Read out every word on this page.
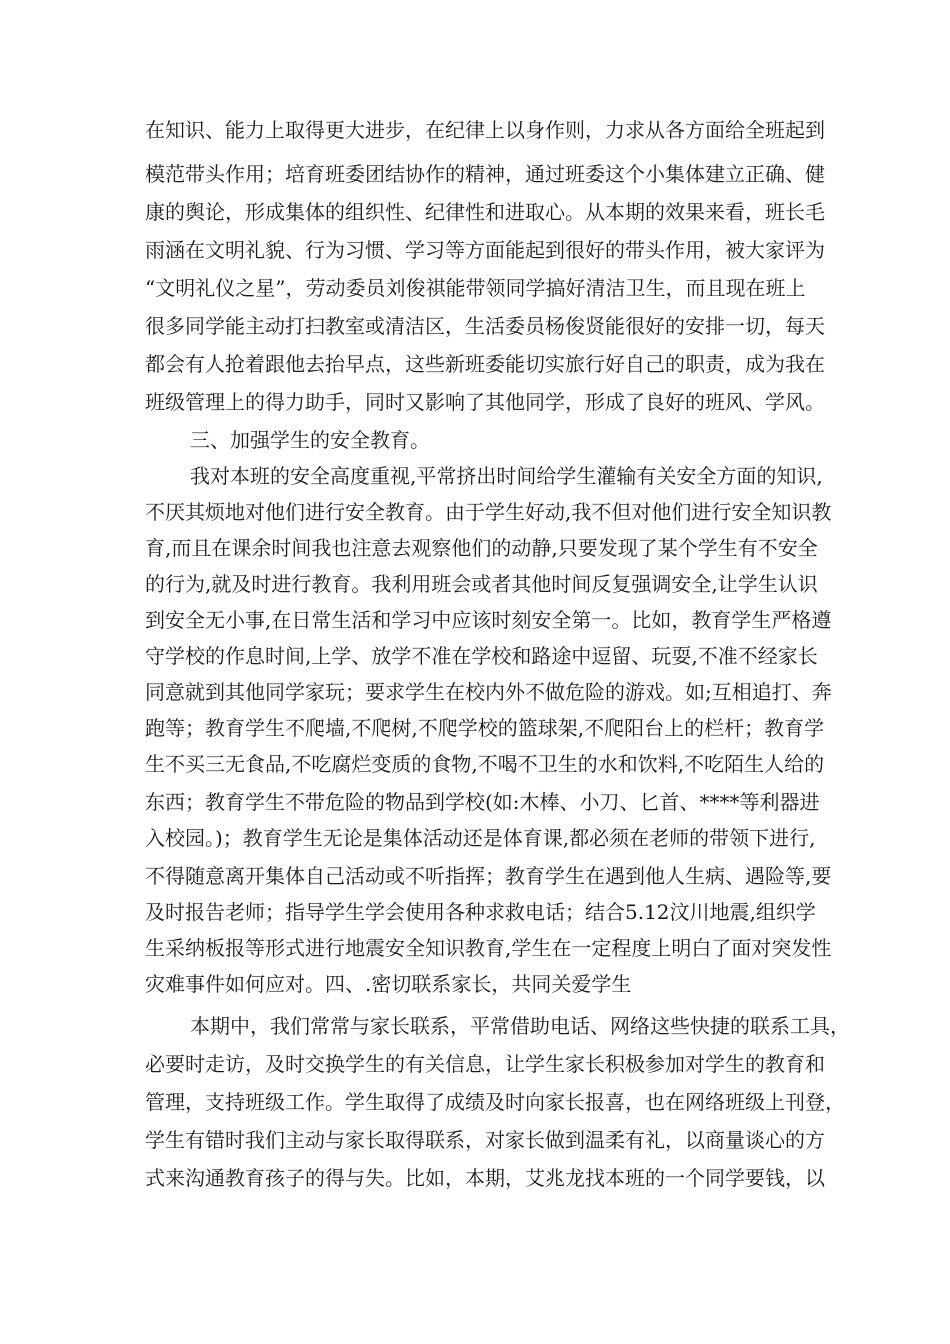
在知识、能力上取得更大进步，在纪律上以身作则，力求从各方面给全班起到
模范带头作用；培育班委团结协作的精神，通过班委这个小集体建立正确、健
康的舆论，形成集体的组织性、纪律性和进取心。从本期的效果来看，班长毛
雨涵在文明礼貌、行为习惯、学习等方面能起到很好的带头作用，被大家评为
“文明礼仪之星”，劳动委员刘俊祺能带领同学搞好清洁卫生，而且现在班上
很多同学能主动打扫教室或清洁区，生活委员杨俊贤能很好的安排一切，每天
都会有人抢着跟他去抬早点，这些新班委能切实旅行好自己的职责，成为我在
班级管理上的得力助手，同时又影响了其他同学，形成了良好的班风、学风。
三、加强学生的安全教育。
我对本班的安全高度重视,平常挤出时间给学生灌输有关安全方面的知识,
不厌其烦地对他们进行安全教育。由于学生好动,我不但对他们进行安全知识教
育,而且在课余时间我也注意去观察他们的动静,只要发现了某个学生有不安全
的行为,就及时进行教育。我利用班会或者其他时间反复强调安全,让学生认识
到安全无小事,在日常生活和学习中应该时刻安全第一。比如，教育学生严格遵
守学校的作息时间,上学、放学不准在学校和路途中逗留、玩耍,不准不经家长
同意就到其他同学家玩；要求学生在校内外不做危险的游戏。如;互相追打、奔
跑等；教育学生不爬墙,不爬树,不爬学校的篮球架,不爬阳台上的栏杆；教育学
生不买三无食品,不吃腐烂变质的食物,不喝不卫生的水和饮料,不吃陌生人给的
东西；教育学生不带危险的物品到学校(如:木棒、小刀、匕首、****等利器进
入校园。)；教育学生无论是集体活动还是体育课,都必须在老师的带领下进行,
不得随意离开集体自己活动或不听指挥；教育学生在遇到他人生病、遇险等,要
及时报告老师；指导学生学会使用各种求救电话；结合5.12汶川地震,组织学
生采纳板报等形式进行地震安全知识教育,学生在一定程度上明白了面对突发性
灾难事件如何应对。四、.密切联系家长，共同关爱学生
本期中，我们常常与家长联系，平常借助电话、网络这些快捷的联系工具，
必要时走访，及时交换学生的有关信息，让学生家长积极参加对学生的教育和
管理，支持班级工作。学生取得了成绩及时向家长报喜，也在网络班级上刊登，
学生有错时我们主动与家长取得联系，对家长做到温柔有礼，以商量谈心的方
式来沟通教育孩子的得与失。比如，本期，艾兆龙找本班的一个同学要钱，以
